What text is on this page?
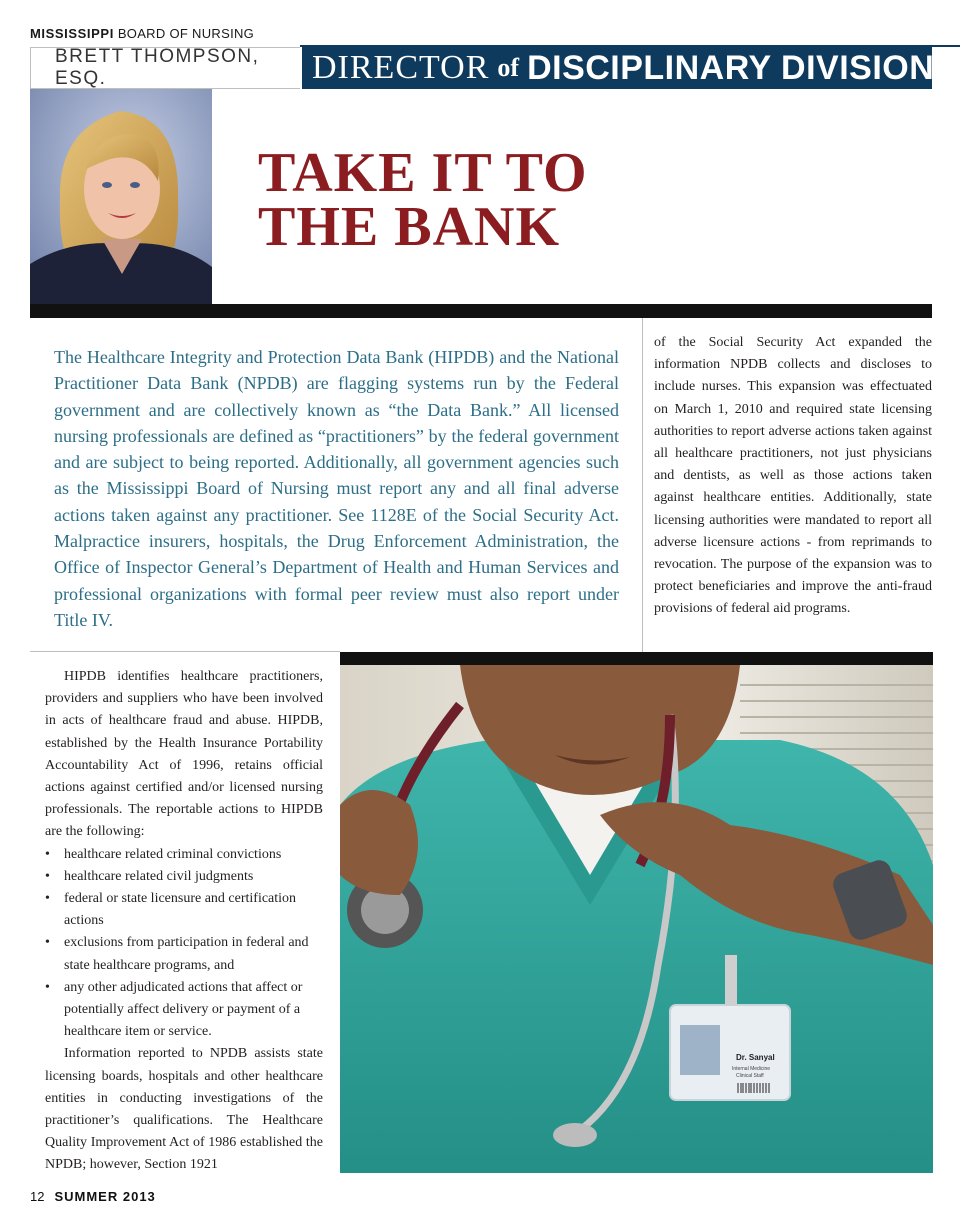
MISSISSIPPI BOARD OF NURSING
BRETT THOMPSON, ESQ.	DIRECTOR of DISCIPLINARY DIVISION
TAKE IT TO
THE BANK

The Healthcare Integrity and Protection Data Bank (HIPDB) and the National Practitioner Data Bank (NPDB) are flagging systems run by the Federal government and are collectively known as “the Data Bank.” All licensed nursing professionals are defined as “practitioners” by the federal government and are subject to being reported. Additionally, all government agencies such as the Mississippi Board of Nursing must report any and all final adverse actions taken against any practitioner. See 1128E of the Social Security Act. Malpractice insurers, hospitals, the Drug Enforcement Administration, the Office of Inspector General’s Department of Health and Human Services and professional organizations with formal peer review must also report under Title IV.

of the Social Security Act expanded the information NPDB collects and discloses to include nurses. This expansion was effectuated on March 1, 2010 and required state licensing authorities to report adverse actions taken against all healthcare practitioners, not just physicians and dentists, as well as those actions taken against healthcare entities. Additionally, state licensing authorities were mandated to report all adverse licensure actions - from reprimands to revocation. The purpose of the expansion was to protect beneficiaries and improve the anti-fraud provisions of federal aid programs.

HIPDB identifies healthcare practitioners, providers and suppliers who have been involved in acts of healthcare fraud and abuse. HIPDB, established by the Health Insurance Portability Accountability Act of 1996, retains official actions against certified and/or licensed nursing professionals. The reportable actions to HIPDB are the following:

• healthcare related criminal convictions
• healthcare related civil judgments
• federal or state licensure and certification actions
• exclusions from participation in federal and state healthcare programs, and
• any other adjudicated actions that affect or potentially affect delivery or payment of a healthcare item or service.

Information reported to NPDB assists state licensing boards, hospitals and other healthcare entities in conducting investigations of the practitioner’s qualifications. The Healthcare Quality Improvement Act of 1986 established the NPDB; however, Section 1921

Dr. Sanyal
Internal Medicine
Clinical Staff
12 SUMMER 2013
